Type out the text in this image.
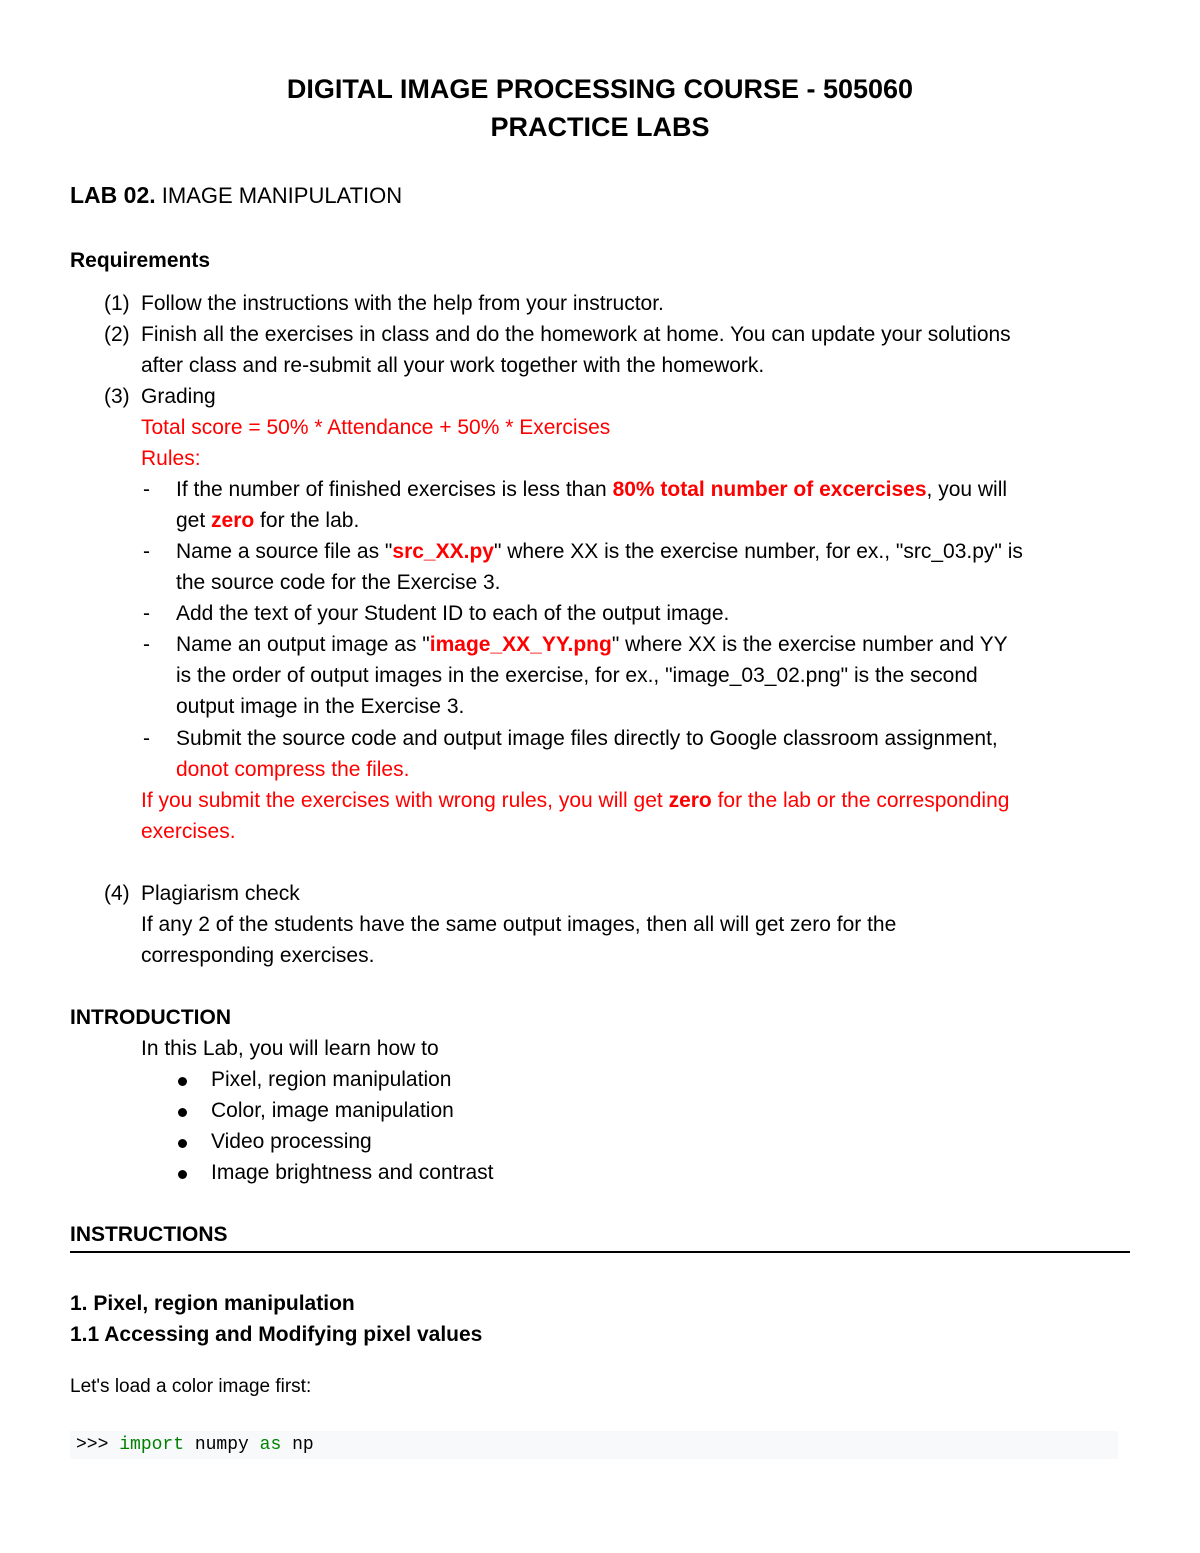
DIGITAL IMAGE PROCESSING COURSE - 505060
PRACTICE LABS
LAB 02. IMAGE MANIPULATION
Requirements
(1) Follow the instructions with the help from your instructor.
(2) Finish all the exercises in class and do the homework at home. You can update your solutions
after class and re-submit all your work together with the homework.
(3) Grading
Total score = 50% * Attendance + 50% * Exercises
Rules:
- If the number of finished exercises is less than 80% total number of excercises, you will
get zero for the lab.
- Name a source file as "src_XX.py" where XX is the exercise number, for ex., "src_03.py" is
the source code for the Exercise 3.
- Add the text of your Student ID to each of the output image.
- Name an output image as "image_XX_YY.png" where XX is the exercise number and YY
is the order of output images in the exercise, for ex., "image_03_02.png" is the second
output image in the Exercise 3.
- Submit the source code and output image files directly to Google classroom assignment,
donot compress the files.
If you submit the exercises with wrong rules, you will get zero for the lab or the corresponding
exercises.
(4) Plagiarism check
If any 2 of the students have the same output images, then all will get zero for the
corresponding exercises.
INTRODUCTION
In this Lab, you will learn how to
Pixel, region manipulation
Color, image manipulation
Video processing
Image brightness and contrast
INSTRUCTIONS
1. Pixel, region manipulation
1.1 Accessing and Modifying pixel values
Let's load a color image first:
>>> import numpy as np
